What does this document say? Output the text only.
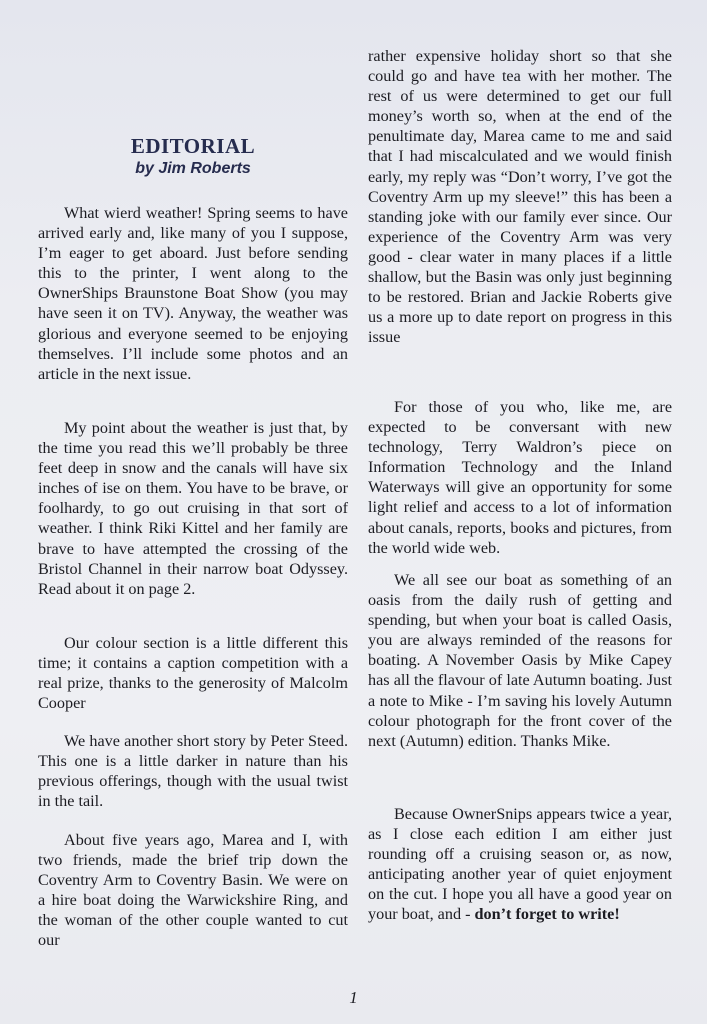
EDITORIAL
by Jim Roberts

What wierd weather! Spring seems to have arrived early and, like many of you I suppose, I’m eager to get aboard. Just before sending this to the printer, I went along to the OwnerShips Braunstone Boat Show (you may have seen it on TV). Anyway, the weather was glorious and everyone seemed to be enjoying themselves. I’ll include some photos and an article in the next issue.

My point about the weather is just that, by the time you read this we’ll probably be three feet deep in snow and the canals will have six inches of ise on them. You have to be brave, or foolhardy, to go out cruising in that sort of weather. I think Riki Kittel and her family are brave to have attempted the crossing of the Bristol Channel in their narrow boat Odyssey. Read about it on page 2.

Our colour section is a little different this time; it contains a caption competition with a real prize, thanks to the generosity of Malcolm Cooper

We have another short story by Peter Steed. This one is a little darker in nature than his previous offerings, though with the usual twist in the tail.

About five years ago, Marea and I, with two friends, made the brief trip down the Coventry Arm to Coventry Basin. We were on a hire boat doing the Warwickshire Ring, and the woman of the other couple wanted to cut our

rather expensive holiday short so that she could go and have tea with her mother. The rest of us were determined to get our full money’s worth so, when at the end of the penultimate day, Marea came to me and said that I had miscalculated and we would finish early, my reply was “Don’t worry, I’ve got the Coventry Arm up my sleeve!” this has been a standing joke with our family ever since. Our experience of the Coventry Arm was very good - clear water in many places if a little shallow, but the Basin was only just beginning to be restored. Brian and Jackie Roberts give us a more up to date report on progress in this issue

For those of you who, like me, are expected to be conversant with new technology, Terry Waldron’s piece on Information Technology and the Inland Waterways will give an opportunity for some light relief and access to a lot of information about canals, reports, books and pictures, from the world wide web.

We all see our boat as something of an oasis from the daily rush of getting and spending, but when your boat is called Oasis, you are always reminded of the reasons for boating. A November Oasis by Mike Capey has all the flavour of late Autumn boating. Just a note to Mike - I’m saving his lovely Autumn colour photograph for the front cover of the next (Autumn) edition. Thanks Mike.

Because OwnerSnips appears twice a year, as I close each edition I am either just rounding off a cruising season or, as now, anticipating another year of quiet enjoyment on the cut. I hope you all have a good year on your boat, and - don’t forget to write!

1
